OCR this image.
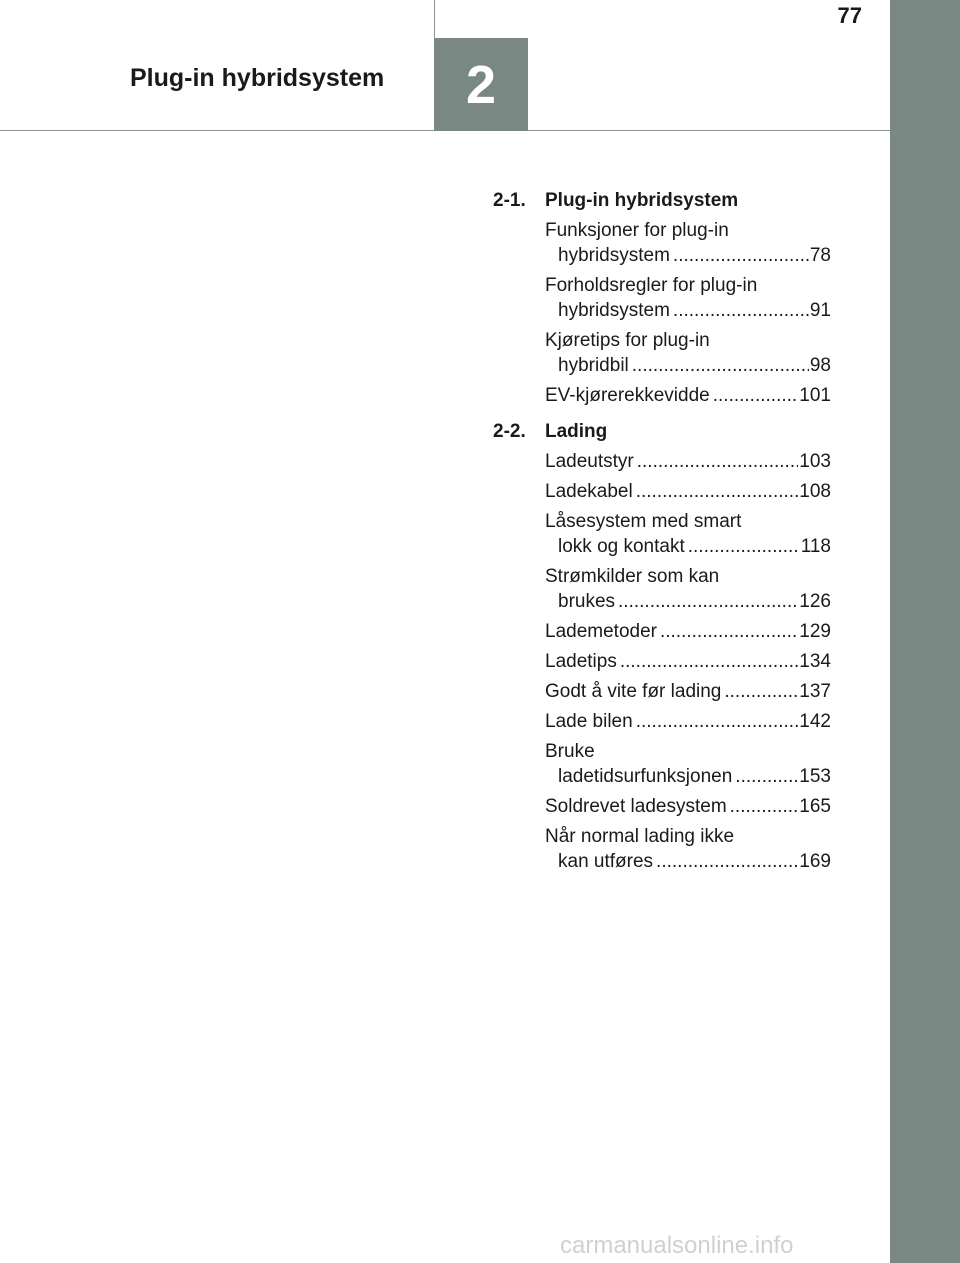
77
Plug-in hybridsystem	2
2-1.	Plug-in hybridsystem
Funksjoner for plug-in
hybridsystem .....	78
Forholdsregler for plug-in
hybridsystem .....	91
Kjøretips for plug-in
hybridbil .....	98
EV-kjørerekkevidde .....	101
2-2.	Lading
Ladeutstyr .....	103
Ladekabel .....	108
Låsesystem med smart
lokk og kontakt .....	118
Strømkilder som kan
brukes .....	126
Lademetoder .....	129
Ladetips .....	134
Godt å vite før lading .....	137
Lade bilen .....	142
Bruke
ladetidsurfunksjonen .....	153
Soldrevet ladesystem .....	165
Når normal lading ikke
kan utføres .....	169
carmanualsonline.info
